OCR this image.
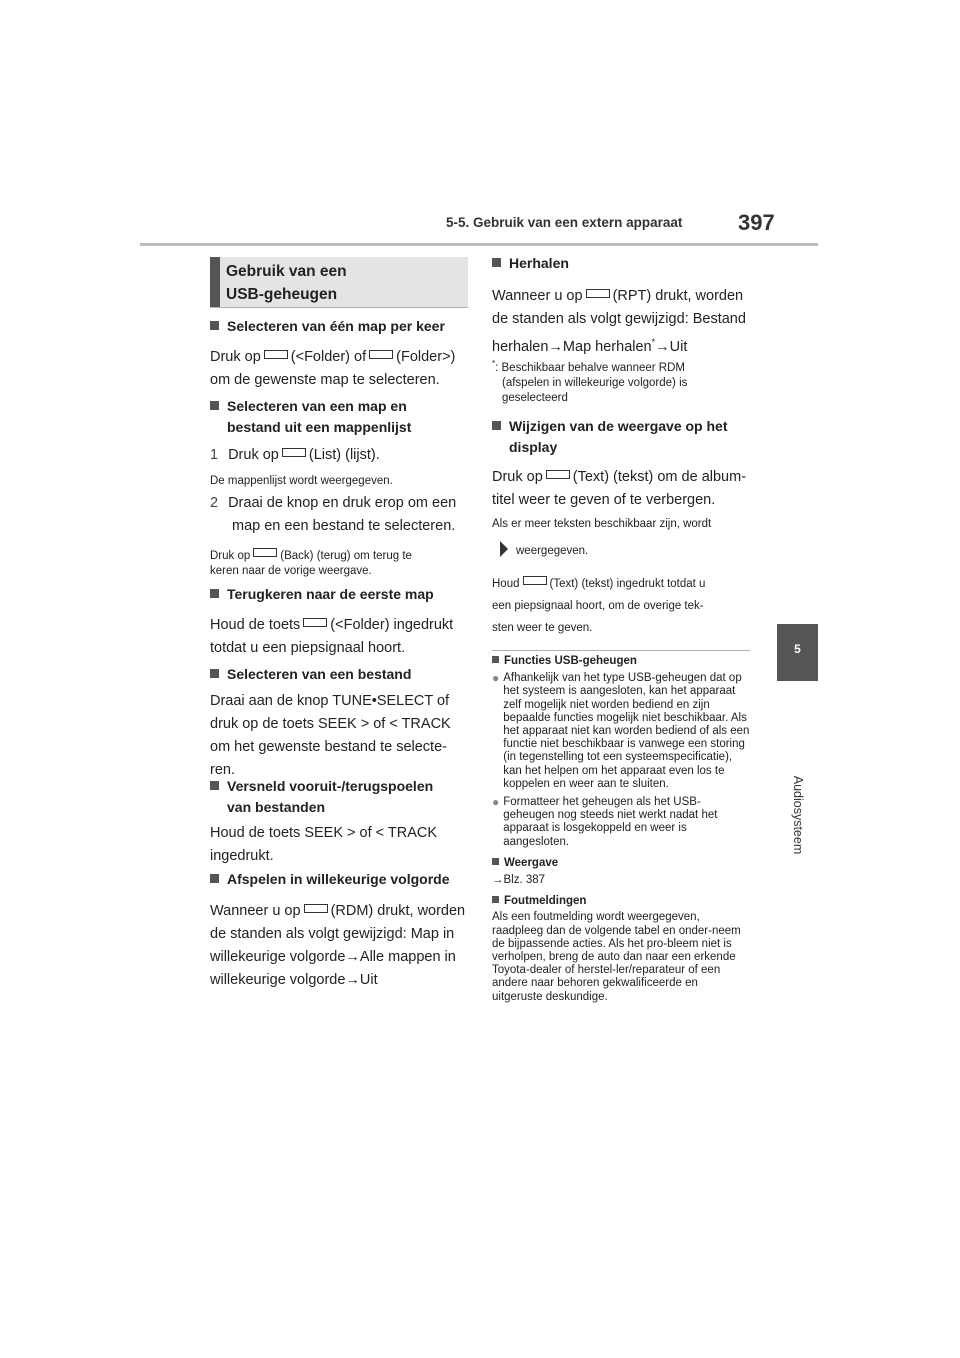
5-5. Gebruik van een extern apparaat	397
5
Audiosysteem
Gebruik van een
USB-geheugen
Selecteren van één map per keer
Druk op (<Folder) of (Folder>)
om de gewenste map te selecteren.
Selecteren van een map en
bestand uit een mappenlijst
1 Druk op (List) (lijst).
De mappenlijst wordt weergegeven.
2 Draai de knop en druk erop om een
map en een bestand te selecteren.
Druk op	(Back) (terug) om terug te
keren naar de vorige weergave.
Terugkeren naar de eerste map
Houd de toets (<Folder) ingedrukt
totdat u een piepsignaal hoort.
Selecteren van een bestand
Draai aan de knop TUNE•SELECT of
druk op de toets SEEK > of < TRACK
om het gewenste bestand te selecte-
ren.
Versneld vooruit-/terugspoelen
van bestanden
Houd de toets SEEK > of < TRACK
ingedrukt.
Afspelen in willekeurige volgorde
Wanneer u op (RDM) drukt, worden
de standen als volgt gewijzigd: Map in
willekeurige volgorde→Alle mappen in
willekeurige volgorde→Uit
Herhalen
Wanneer u op (RPT) drukt, worden
de standen als volgt gewijzigd: Bestand
herhalen→Map herhalen*→Uit
*: Beschikbaar behalve wanneer RDM
(afspelen in willekeurige volgorde) is
geselecteerd
Wijzigen van de weergave op het
display
Druk op (Text) (tekst) om de album-
titel weer te geven of te verbergen.
Als er meer teksten beschikbaar zijn, wordt
weergegeven.
Houd	(Text) (tekst) ingedrukt totdat u
een piepsignaal hoort, om de overige tek-
sten weer te geven.
Functies USB-geheugen
● Afhankelijk van het type USB-geheugen dat op het systeem is aangesloten, kan het apparaat zelf mogelijk niet worden bediend en zijn bepaalde functies mogelijk niet beschikbaar. Als het apparaat niet kan worden bediend of als een functie niet beschikbaar is vanwege een storing (in tegenstelling tot een systeemspecificatie), kan het helpen om het apparaat even los te koppelen en weer aan te sluiten.
● Formatteer het geheugen als het USB-geheugen nog steeds niet werkt nadat het apparaat is losgekoppeld en weer is aangesloten.
Weergave
→Blz. 387
Foutmeldingen
Als een foutmelding wordt weergegeven, raadpleeg dan de volgende tabel en onder-neem de bijpassende acties. Als het pro-bleem niet is verholpen, breng de auto dan naar een erkende Toyota-dealer of herstel-ler/reparateur of een andere naar behoren gekwalificeerde en uitgeruste deskundige.
